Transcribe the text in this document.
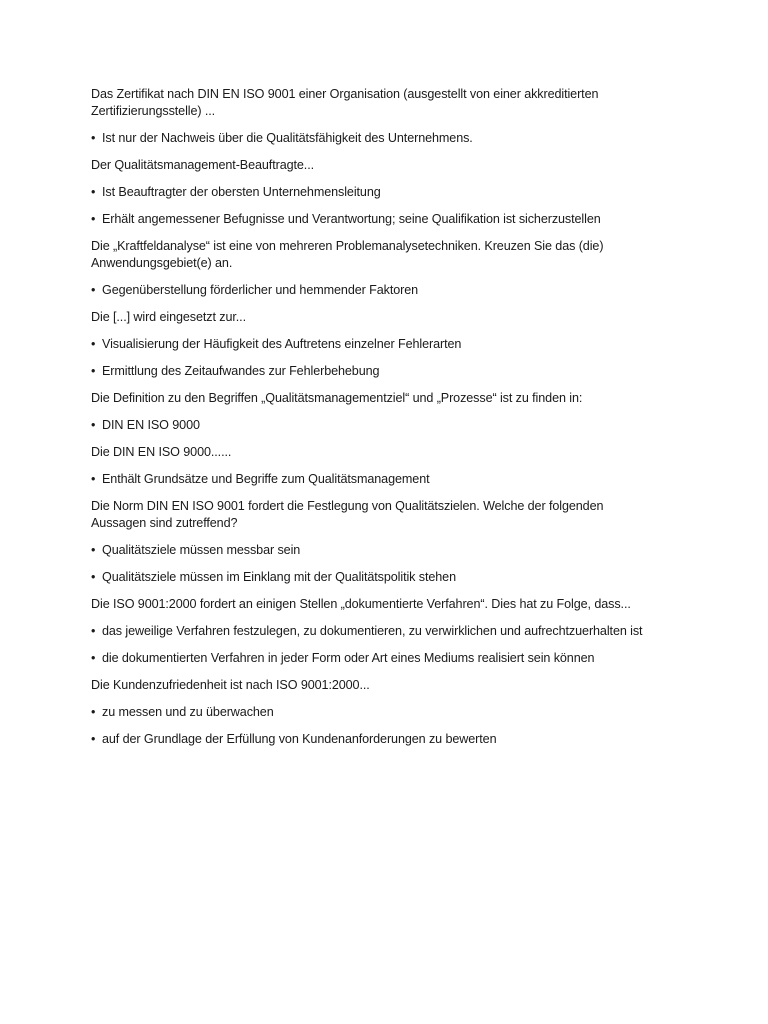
Das Zertifikat nach DIN EN ISO 9001 einer Organisation (ausgestellt von einer akkreditierten Zertifizierungsstelle) ...
• Ist nur der Nachweis über die Qualitätsfähigkeit des Unternehmens.
Der Qualitätsmanagement-Beauftragte...
• Ist Beauftragter der obersten Unternehmensleitung
• Erhält angemessener Befugnisse und Verantwortung; seine Qualifikation ist sicherzustellen
Die „Kraftfeldanalyse“ ist eine von mehreren Problemanalysetechniken. Kreuzen Sie das (die) Anwendungsgebiet(e) an.
• Gegenüberstellung förderlicher und hemmender Faktoren
Die [...] wird eingesetzt zur...
• Visualisierung der Häufigkeit des Auftretens einzelner Fehlerarten
• Ermittlung des Zeitaufwandes zur Fehlerbehebung
Die Definition zu den Begriffen „Qualitätsmanagementziel“ und „Prozesse“ ist zu finden in:
• DIN EN ISO 9000
Die DIN EN ISO 9000......
• Enthält Grundsätze und Begriffe zum Qualitätsmanagement
Die Norm DIN EN ISO 9001 fordert die Festlegung von Qualitätszielen. Welche der folgenden Aussagen sind zutreffend?
• Qualitätsziele müssen messbar sein
• Qualitätsziele müssen im Einklang mit der Qualitätspolitik stehen
Die ISO 9001:2000 fordert an einigen Stellen „dokumentierte Verfahren“. Dies hat zu Folge, dass...
• das jeweilige Verfahren festzulegen, zu dokumentieren, zu verwirklichen und aufrechtzuerhalten ist
• die dokumentierten Verfahren in jeder Form oder Art eines Mediums realisiert sein können
Die Kundenzufriedenheit ist nach ISO 9001:2000...
• zu messen und zu überwachen
• auf der Grundlage der Erfüllung von Kundenanforderungen zu bewerten
